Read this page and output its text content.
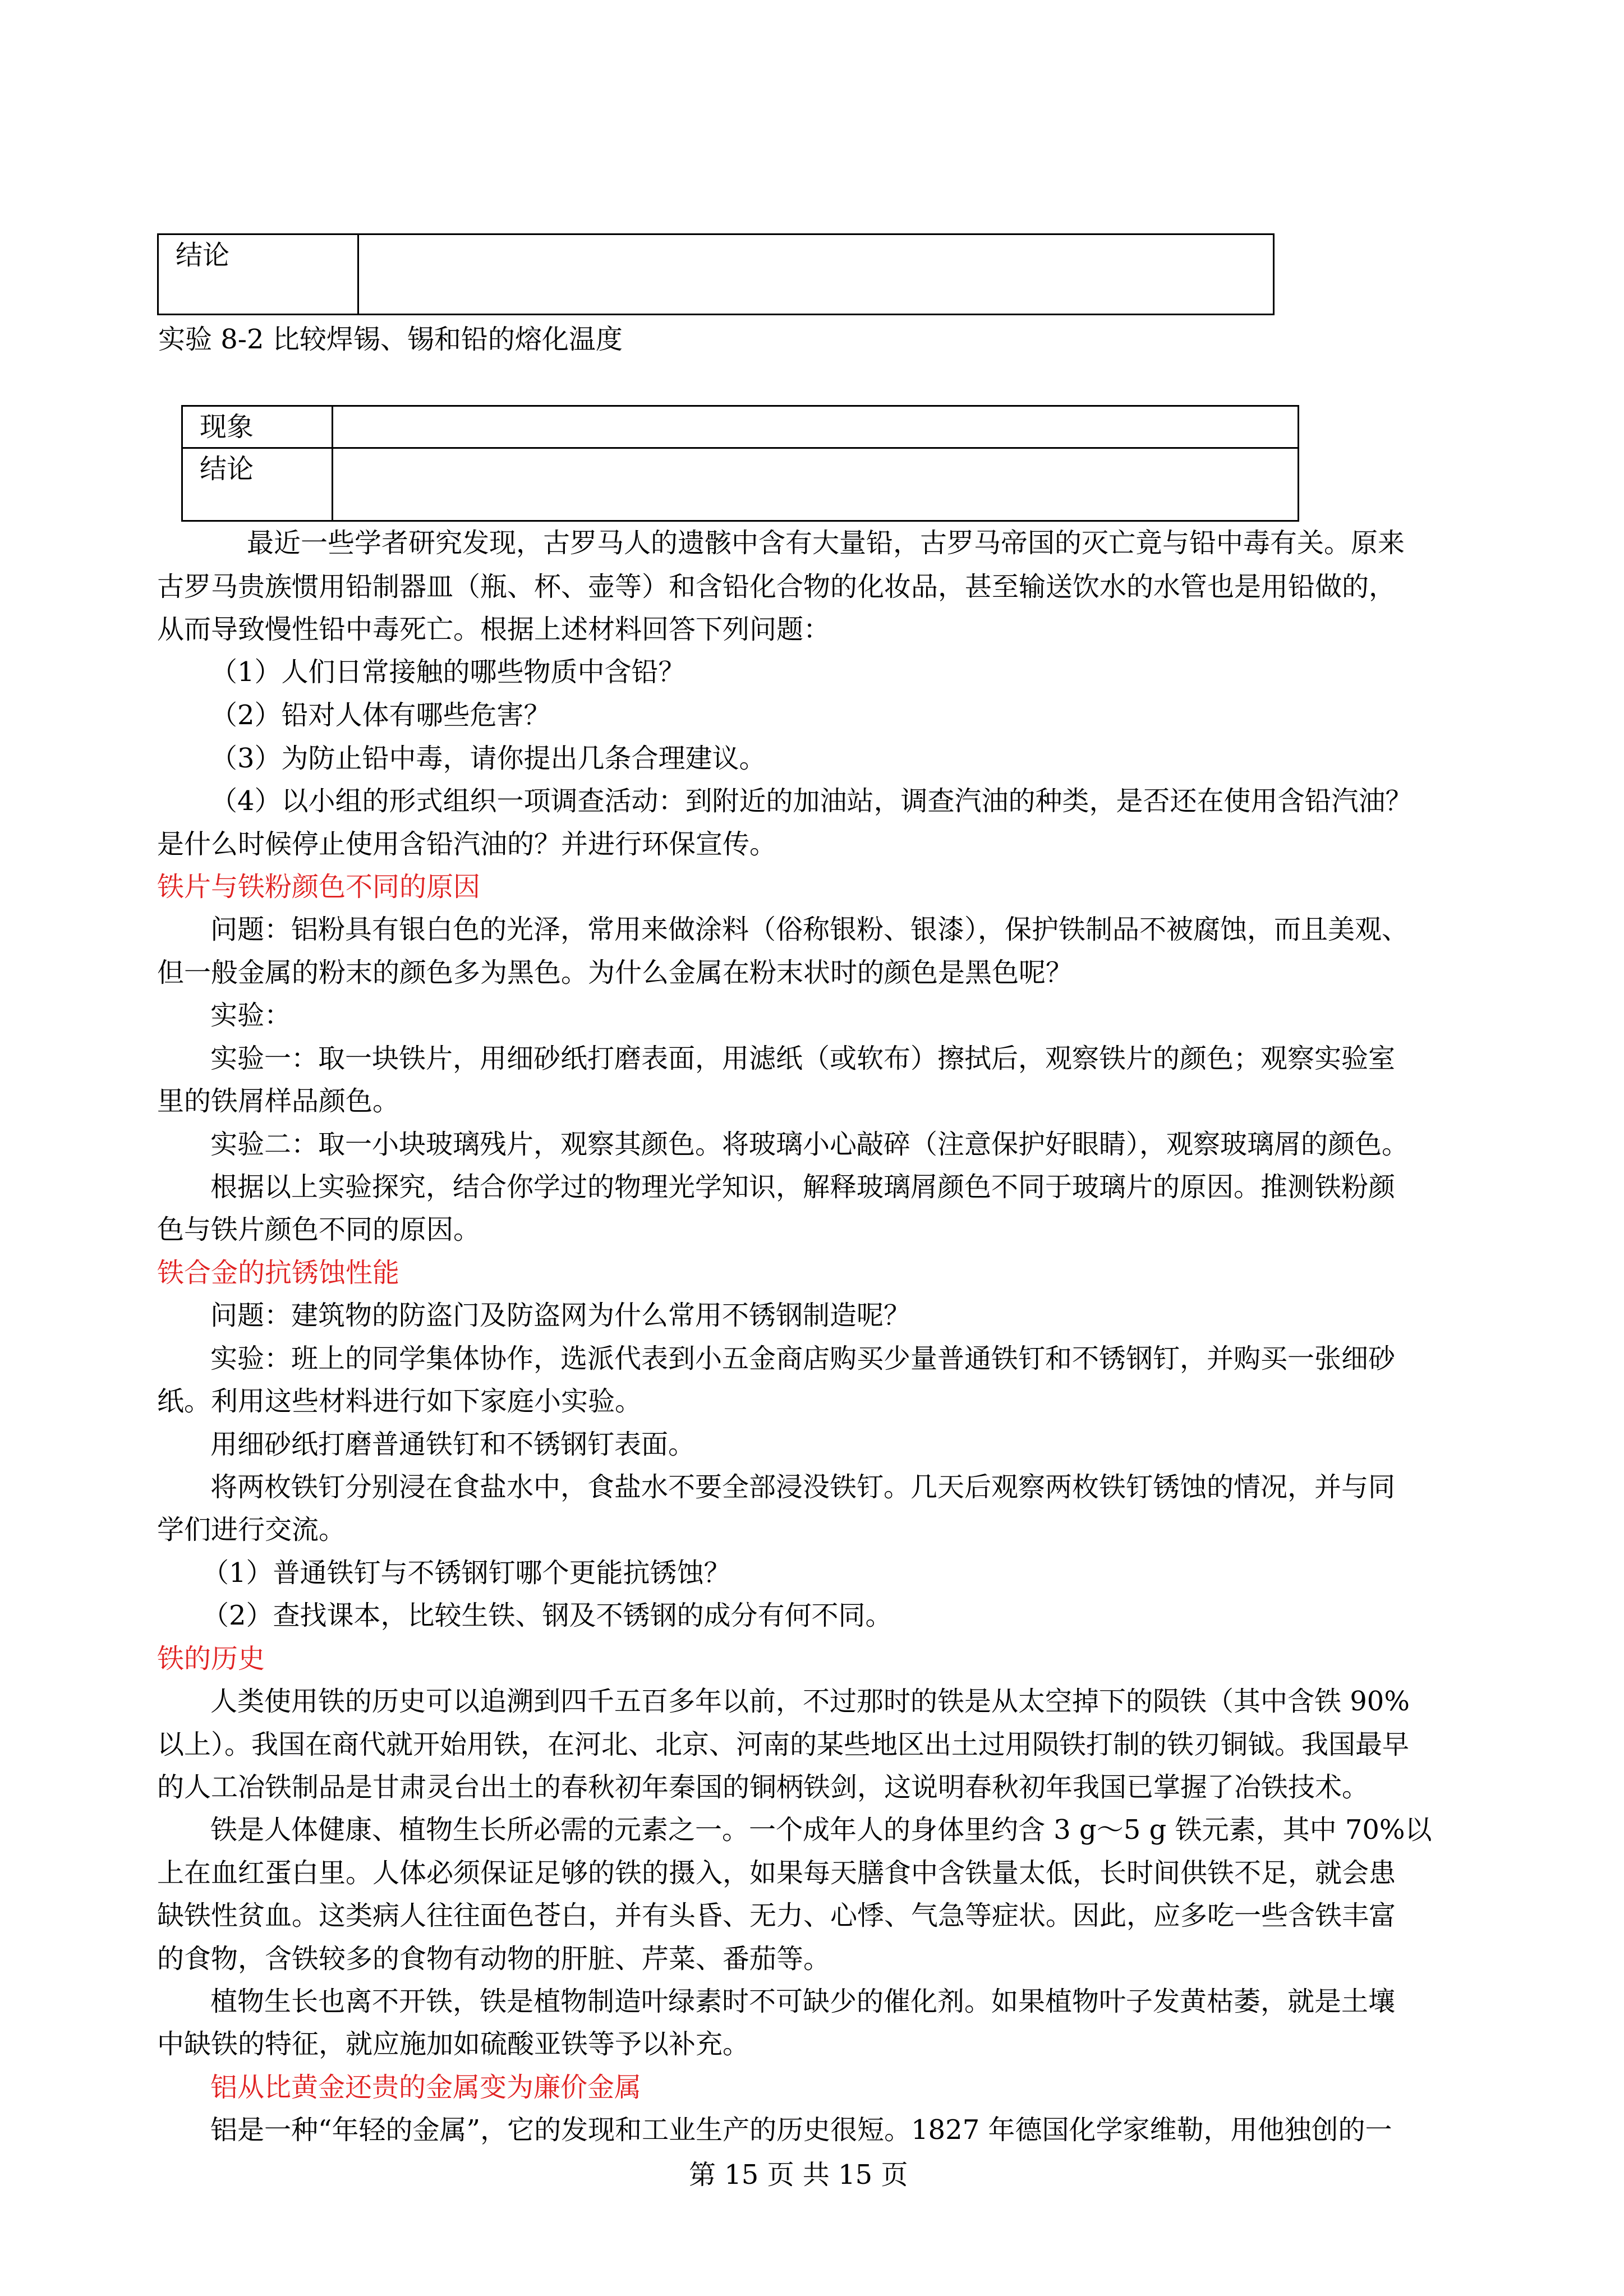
结论
实验 8-2 比较焊锡、锡和铅的熔化温度
现象
结论
最近一些学者研究发现，古罗马人的遗骸中含有大量铅，古罗马帝国的灭亡竟与铅中毒有关。原来
古罗马贵族惯用铅制器皿（瓶、杯、壶等）和含铅化合物的化妆品，甚至输送饮水的水管也是用铅做的，
从而导致慢性铅中毒死亡。根据上述材料回答下列问题：
（1）人们日常接触的哪些物质中含铅？
（2）铅对人体有哪些危害？
（3）为防止铅中毒，请你提出几条合理建议。
（4）以小组的形式组织一项调查活动：到附近的加油站，调查汽油的种类，是否还在使用含铅汽油？
是什么时候停止使用含铅汽油的？并进行环保宣传。
铁片与铁粉颜色不同的原因
问题：铝粉具有银白色的光泽，常用来做涂料（俗称银粉、银漆），保护铁制品不被腐蚀，而且美观、
但一般金属的粉末的颜色多为黑色。为什么金属在粉末状时的颜色是黑色呢？
实验：
实验一：取一块铁片，用细砂纸打磨表面，用滤纸（或软布）擦拭后，观察铁片的颜色；观察实验室
里的铁屑样品颜色。
实验二：取一小块玻璃残片，观察其颜色。将玻璃小心敲碎（注意保护好眼睛），观察玻璃屑的颜色。
根据以上实验探究，结合你学过的物理光学知识，解释玻璃屑颜色不同于玻璃片的原因。推测铁粉颜
色与铁片颜色不同的原因。
铁合金的抗锈蚀性能
问题：建筑物的防盗门及防盗网为什么常用不锈钢制造呢？
实验：班上的同学集体协作，选派代表到小五金商店购买少量普通铁钉和不锈钢钉，并购买一张细砂
纸。利用这些材料进行如下家庭小实验。
用细砂纸打磨普通铁钉和不锈钢钉表面。
将两枚铁钉分别浸在食盐水中，食盐水不要全部浸没铁钉。几天后观察两枚铁钉锈蚀的情况，并与同
学们进行交流。
（1）普通铁钉与不锈钢钉哪个更能抗锈蚀？
（2）查找课本，比较生铁、钢及不锈钢的成分有何不同。
铁的历史
人类使用铁的历史可以追溯到四千五百多年以前，不过那时的铁是从太空掉下的陨铁（其中含铁 90%
以上）。我国在商代就开始用铁，在河北、北京、河南的某些地区出土过用陨铁打制的铁刃铜钺。我国最早
的人工冶铁制品是甘肃灵台出土的春秋初年秦国的铜柄铁剑，这说明春秋初年我国已掌握了冶铁技术。
铁是人体健康、植物生长所必需的元素之一。一个成年人的身体里约含 3 g～5 g 铁元素，其中 70%以
上在血红蛋白里。人体必须保证足够的铁的摄入，如果每天膳食中含铁量太低，长时间供铁不足，就会患
缺铁性贫血。这类病人往往面色苍白，并有头昏、无力、心悸、气急等症状。因此，应多吃一些含铁丰富
的食物，含铁较多的食物有动物的肝脏、芹菜、番茄等。
植物生长也离不开铁，铁是植物制造叶绿素时不可缺少的催化剂。如果植物叶子发黄枯萎，就是土壤
中缺铁的特征，就应施加如硫酸亚铁等予以补充。
铝从比黄金还贵的金属变为廉价金属
铝是一种“年轻的金属”，它的发现和工业生产的历史很短。1827 年德国化学家维勒，用他独创的一
第 15 页 共 15 页
